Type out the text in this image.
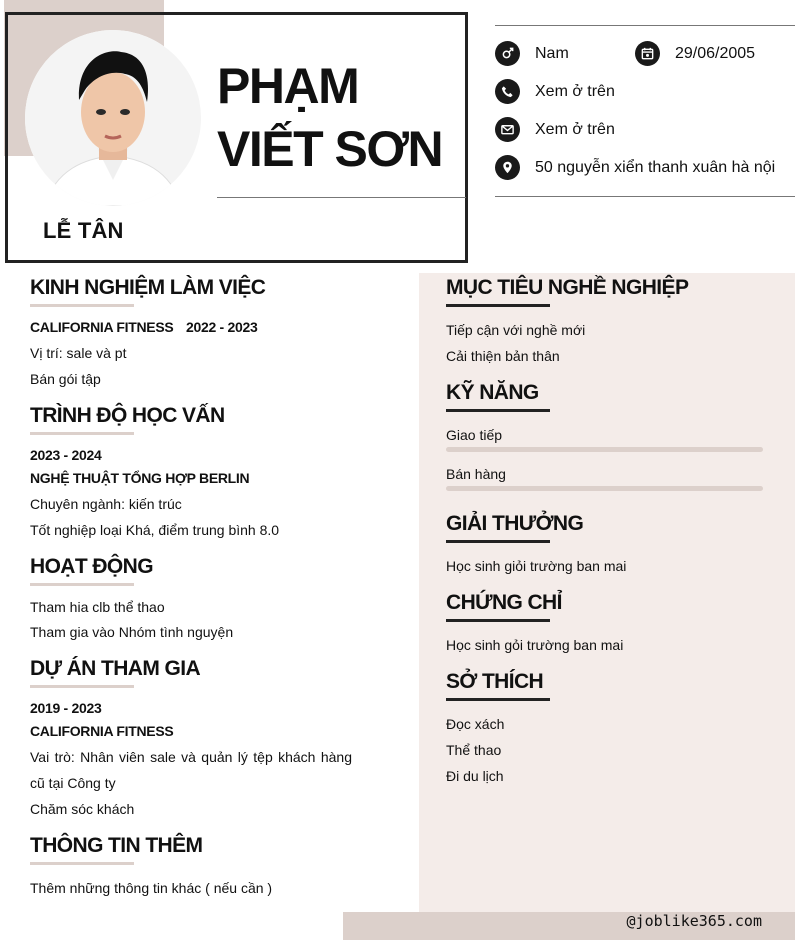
LỄ TÂN
PHẠM
VIẾT SƠN
Nam	29/06/2005
Xem ở trên
Xem ở trên
50 nguyễn xiển thanh xuân hà nội
@joblike365.com
KINH NGHIỆM LÀM VIỆC
CALIFORNIA FITNESS 2022 - 2023
Vị trí: sale và pt
Bán gói tập
TRÌNH ĐỘ HỌC VẤN
2023 - 2024
NGHỆ THUẬT TỔNG HỢP BERLIN
Chuyên ngành: kiến trúc
Tốt nghiệp loại Khá, điểm trung bình 8.0
HOẠT ĐỘNG
Tham hia clb thể thao
Tham gia vào Nhóm tình nguyện
DỰ ÁN THAM GIA
2019 - 2023
CALIFORNIA FITNESS
Vai trò: Nhân viên sale và quản lý tệp khách hàng cũ tại Công ty
Chăm sóc khách
THÔNG TIN THÊM
Thêm những thông tin khác ( nếu cần )
MỤC TIÊU NGHỀ NGHIỆP
Tiếp cận với nghề mới
Cải thiện bản thân
KỸ NĂNG
Giao tiếp
Bán hàng
GIẢI THƯỞNG
Học sinh giỏi trường ban mai
CHỨNG CHỈ
Học sinh gỏi trường ban mai
SỞ THÍCH
Đọc xách
Thể thao
Đi du lịch
